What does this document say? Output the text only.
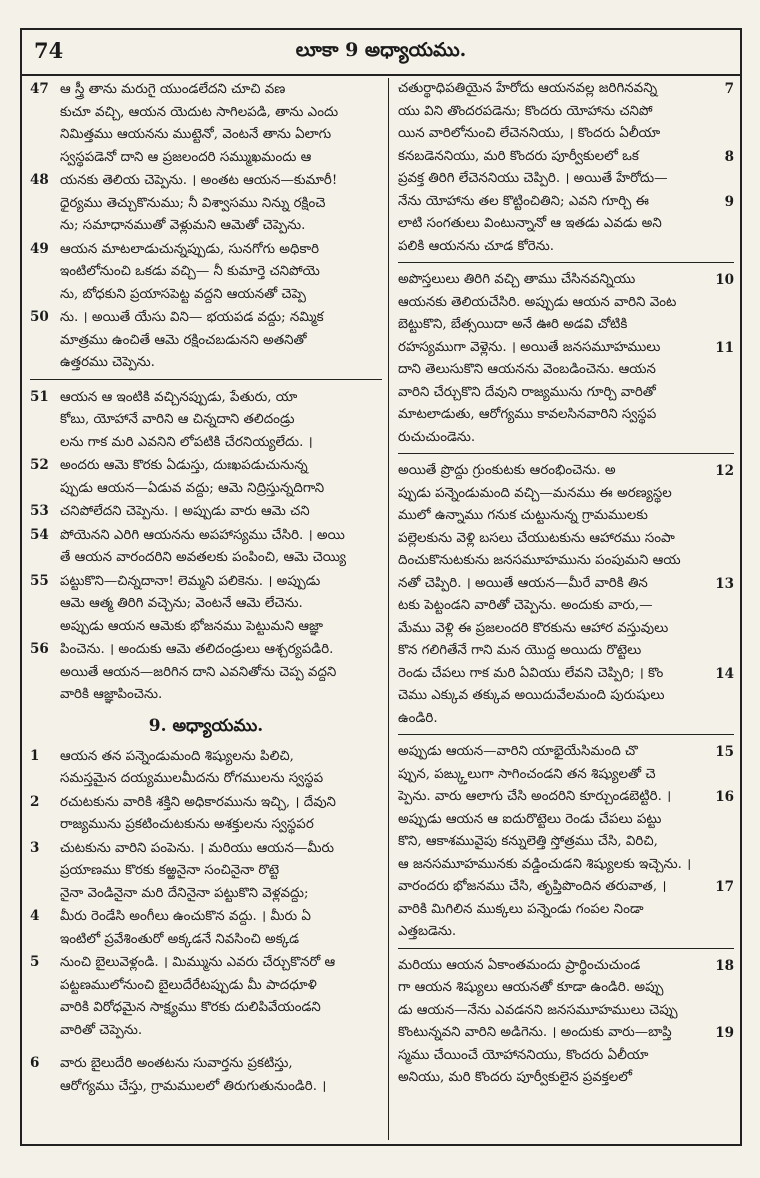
74	లూకా 9 అధ్యాయము.
47 ఆ స్త్రీ తాను మరుగై యుండలేదని చూచి వణ
కుచూ వచ్చి, ఆయన యెదుట సాగిలపడి, తాను ఎందు
నిమిత్తము ఆయనను ముట్టెనో, వెంటనే తాను ఏలాగు
స్వస్థపడెనో దాని ఆ ప్రజలందరి సమ్ముఖమందు ఆ
48 యనకు తెలియ చెప్పెను. । అంతట ఆయన—కుమారీ!
ధైర్యము తెచ్చుకొనుము; నీ విశ్వాసము నిన్ను రక్షించె
ను; సమాధానముతో వెళ్లుమని ఆమెతో చెప్పెను.
49 ఆయన మాటలాడుచున్నప్పుడు, సునగోగు అధికారి
ఇంటిలోనుంచి ఒకడు వచ్చి— నీ కుమార్తె చనిపోయె
ను, బోధకుని ప్రయాసపెట్ట వద్దని ఆయనతో చెప్పె
50 ను. । అయితే యేసు విని— భయపడ వద్దు; నమ్మిక
మాత్రము ఉంచితే ఆమె రక్షించబడునని అతనితో
ఉత్తరము చెప్పెను.
51 ఆయన ఆ ఇంటికి వచ్చినప్పుడు, పేతురు, యా
కోబు, యోహానే వారిని ఆ చిన్నదాని తలిదండ్రు
లను గాక మరి ఎవనిని లోపటికి చేరనియ్యలేదు. ।
52 అందరు ఆమె కొరకు ఏడుస్తు, దుఃఖపడుచునున్న
ప్పుడు ఆయన—ఏడువ వద్దు; ఆమె నిద్రిస్తున్నదిగాని
53 చనిపోలేదని చెప్పెను. । అప్పుడు వారు ఆమె చని
54 పోయెనని ఎరిగి ఆయనను అపహాస్యము చేసిరి. । అయి
తే ఆయన వారందరిని అవతలకు పంపించి, ఆమె చెయ్యి
55 పట్టుకొని—చిన్నదానా! లెమ్మని పలికెను. । అప్పుడు
ఆమె ఆత్మ తిరిగి వచ్చెను; వెంటనే ఆమె లేచెను.
అప్పుడు ఆయన ఆమెకు భోజనము పెట్టుమని ఆజ్ఞా
56 పించెను. । అందుకు ఆమె తలిదండ్రులు ఆశ్చర్యపడిరి.
అయితే ఆయన—జరిగిన దాని ఎవనితోను చెప్ప వద్దని
వారికి ఆజ్ఞాపించెను.
9. అధ్యాయము.
1 ఆయన తన పన్నెండుమంది శిష్యులను పిలిచి,
సమస్తమైన దయ్యములమీదను రోగములను స్వస్థప
2 రచుటకును వారికి శక్తిని అధికారమును ఇచ్చి, । దేవుని
రాజ్యమును ప్రకటించుటకును అశక్తులను స్వస్థపర
3 చుటకును వారిని పంపెను. । మరియు ఆయన—మీరు
ప్రయాణము కొరకు కఱ్ఱనైనా సంచినైనా రొట్టె
నైనా వెండినైనా మరి దేనినైనా పట్టుకొని వెళ్లవద్దు;
4 మీరు రెండేసి అంగీలు ఉంచుకొన వద్దు. । మీరు ఏ
ఇంటిలో ప్రవేశింతురో అక్కడనే నివసించి అక్కడ
5 నుంచి బైలువెళ్లండి. । మిమ్మును ఎవరు చేర్చుకొనరో ఆ
పట్టణములోనుంచి బైలుదేరేటప్పుడు మీ పాదధూళి
వారికి విరోధమైన సాక్ష్యము కొరకు దులిపివేయండని
వారితో చెప్పెను.
6 వారు బైలుదేరి అంతటను సువార్తను ప్రకటిస్తు,
ఆరోగ్యము చేస్తు, గ్రామములలో తిరుగుతునుండిరి. ।
చతుర్థాధిపతియైన హేరోదు ఆయనవల్ల జరిగినవన్ని	7
యు విని తొందరపడెను; కొందరు యోహాను చనిపో
యిన వారిలోనుంచి లేచెననియు, । కొందరు ఏలీయా
కనబడెననియు, మరి కొందరు పూర్వీకులలో ఒక	8
ప్రవక్త తిరిగి లేచెననియు చెప్పిరి. । అయితే హేరోదు—
నేను యోహాను తల కొట్టించితిని; ఎవని గూర్చి ఈ	9
లాటి సంగతులు వింటున్నానో ఆ ఇతడు ఎవడు అని
పలికి ఆయనను చూడ కోరెను.
అపొస్తలులు తిరిగి వచ్చి తాము చేసినవన్నియు	10
ఆయనకు తెలియచేసిరి. అప్పుడు ఆయన వారిని వెంట
బెట్టుకొని, బేత్సయిదా అనే ఊరి అడవి చోటికి
రహస్యముగా వెళ్లెను. । అయితే జనసమూహములు	11
దాని తెలుసుకొని ఆయనను వెంబడించెను. ఆయన
వారిని చేర్చుకొని దేవుని రాజ్యమును గూర్చి వారితో
మాటలాడుతు, ఆరోగ్యము కావలసినవారిని స్వస్థప
రుచుచుండెను.
అయితే ప్రొద్దు గ్రుంకుటకు ఆరంభించెను. అ	12
ప్పుడు పన్నెండుమంది వచ్చి—మనము ఈ అరణ్యస్థల
ములో ఉన్నాము గనుక చుట్టునున్న గ్రామములకు
పల్లెలకును వెళ్లి బసలు చేయుటకును ఆహారము సంపా
దించుకొనుటకును జనసమూహమును పంపుమని ఆయ
నతో చెప్పిరి. । అయితే ఆయన—మీరే వారికి తిన	13
టకు పెట్టండని వారితో చెప్పెను. అందుకు వారు,—
మేము వెళ్లి ఈ ప్రజలందరి కొరకును ఆహార వస్తువులు
కొన గలిగితేనే గాని మన యొద్ద అయిదు రొట్టెలు
రెండు చేపలు గాక మరి ఏవియు లేవని చెప్పిరి; । కొం	14
చెము ఎక్కువ తక్కువ అయిదువేలమంది పురుషులు
ఉండిరి.
అప్పుడు ఆయన—వారిని యాభైయేసిమంది చొ	15
ప్పున, పఙ్క్తులుగా సాగించండని తన శిష్యులతో చె
ప్పెను. వారు ఆలాగు చేసి అందరిని కూర్చుండబెట్టిరి. ।	16
అప్పుడు ఆయన ఆ ఐదురొట్టెలు రెండు చేపలు పట్టు
కొని, ఆకాశమువైపు కన్నులెత్తి స్తోత్రము చేసి, విరిచి,
ఆ జనసమూహమునకు వడ్డించుడని శిష్యులకు ఇచ్చెను. ।
వారందరు భోజనము చేసి, తృప్తిపొందిన తరువాత, ।	17
వారికి మిగిలిన ముక్కలు పన్నెండు గంపల నిండా
ఎత్తబడెను.
మరియు ఆయన ఏకాంతమందు ప్రార్థించుచుండ	18
గా ఆయన శిష్యులు ఆయనతో కూడా ఉండిరి. అప్పు
డు ఆయన—నేను ఎవడనని జనసమూహములు చెప్పు
కొంటున్నవని వారిని అడిగెను. । అందుకు వారు—బాప్తి	19
స్మము చేయించే యోహాననియు, కొందరు ఏలీయా
అనియు, మరి కొందరు పూర్వీకులైన ప్రవక్తలలో
